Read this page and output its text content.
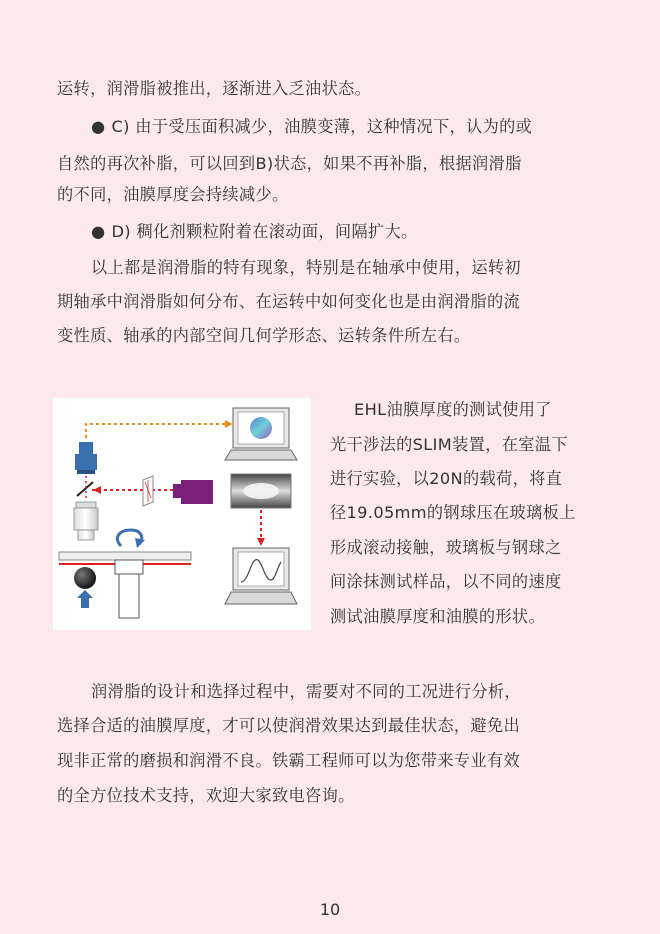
运转，润滑脂被推出，逐渐进入乏油状态。
● C) 由于受压面积减少，油膜变薄，这种情况下，认为的或
自然的再次补脂，可以回到B)状态，如果不再补脂，根据润滑脂
的不同，油膜厚度会持续减少。
● D) 稠化剂颗粒附着在滚动面，间隔扩大。
以上都是润滑脂的特有现象，特别是在轴承中使用，运转初
期轴承中润滑脂如何分布、在运转中如何变化也是由润滑脂的流
变性质、轴承的内部空间几何学形态、运转条件所左右。
EHL油膜厚度的测试使用了
光干涉法的SLIM装置，在室温下
进行实验，以20N的载荷，将直
径19.05mm的钢球压在玻璃板上
形成滚动接触，玻璃板与钢球之
间涂抹测试样品，以不同的速度
测试油膜厚度和油膜的形状。
润滑脂的设计和选择过程中，需要对不同的工况进行分析，
选择合适的油膜厚度，才可以使润滑效果达到最佳状态，避免出
现非正常的磨损和润滑不良。铁霸工程师可以为您带来专业有效
的全方位技术支持，欢迎大家致电咨询。
10
